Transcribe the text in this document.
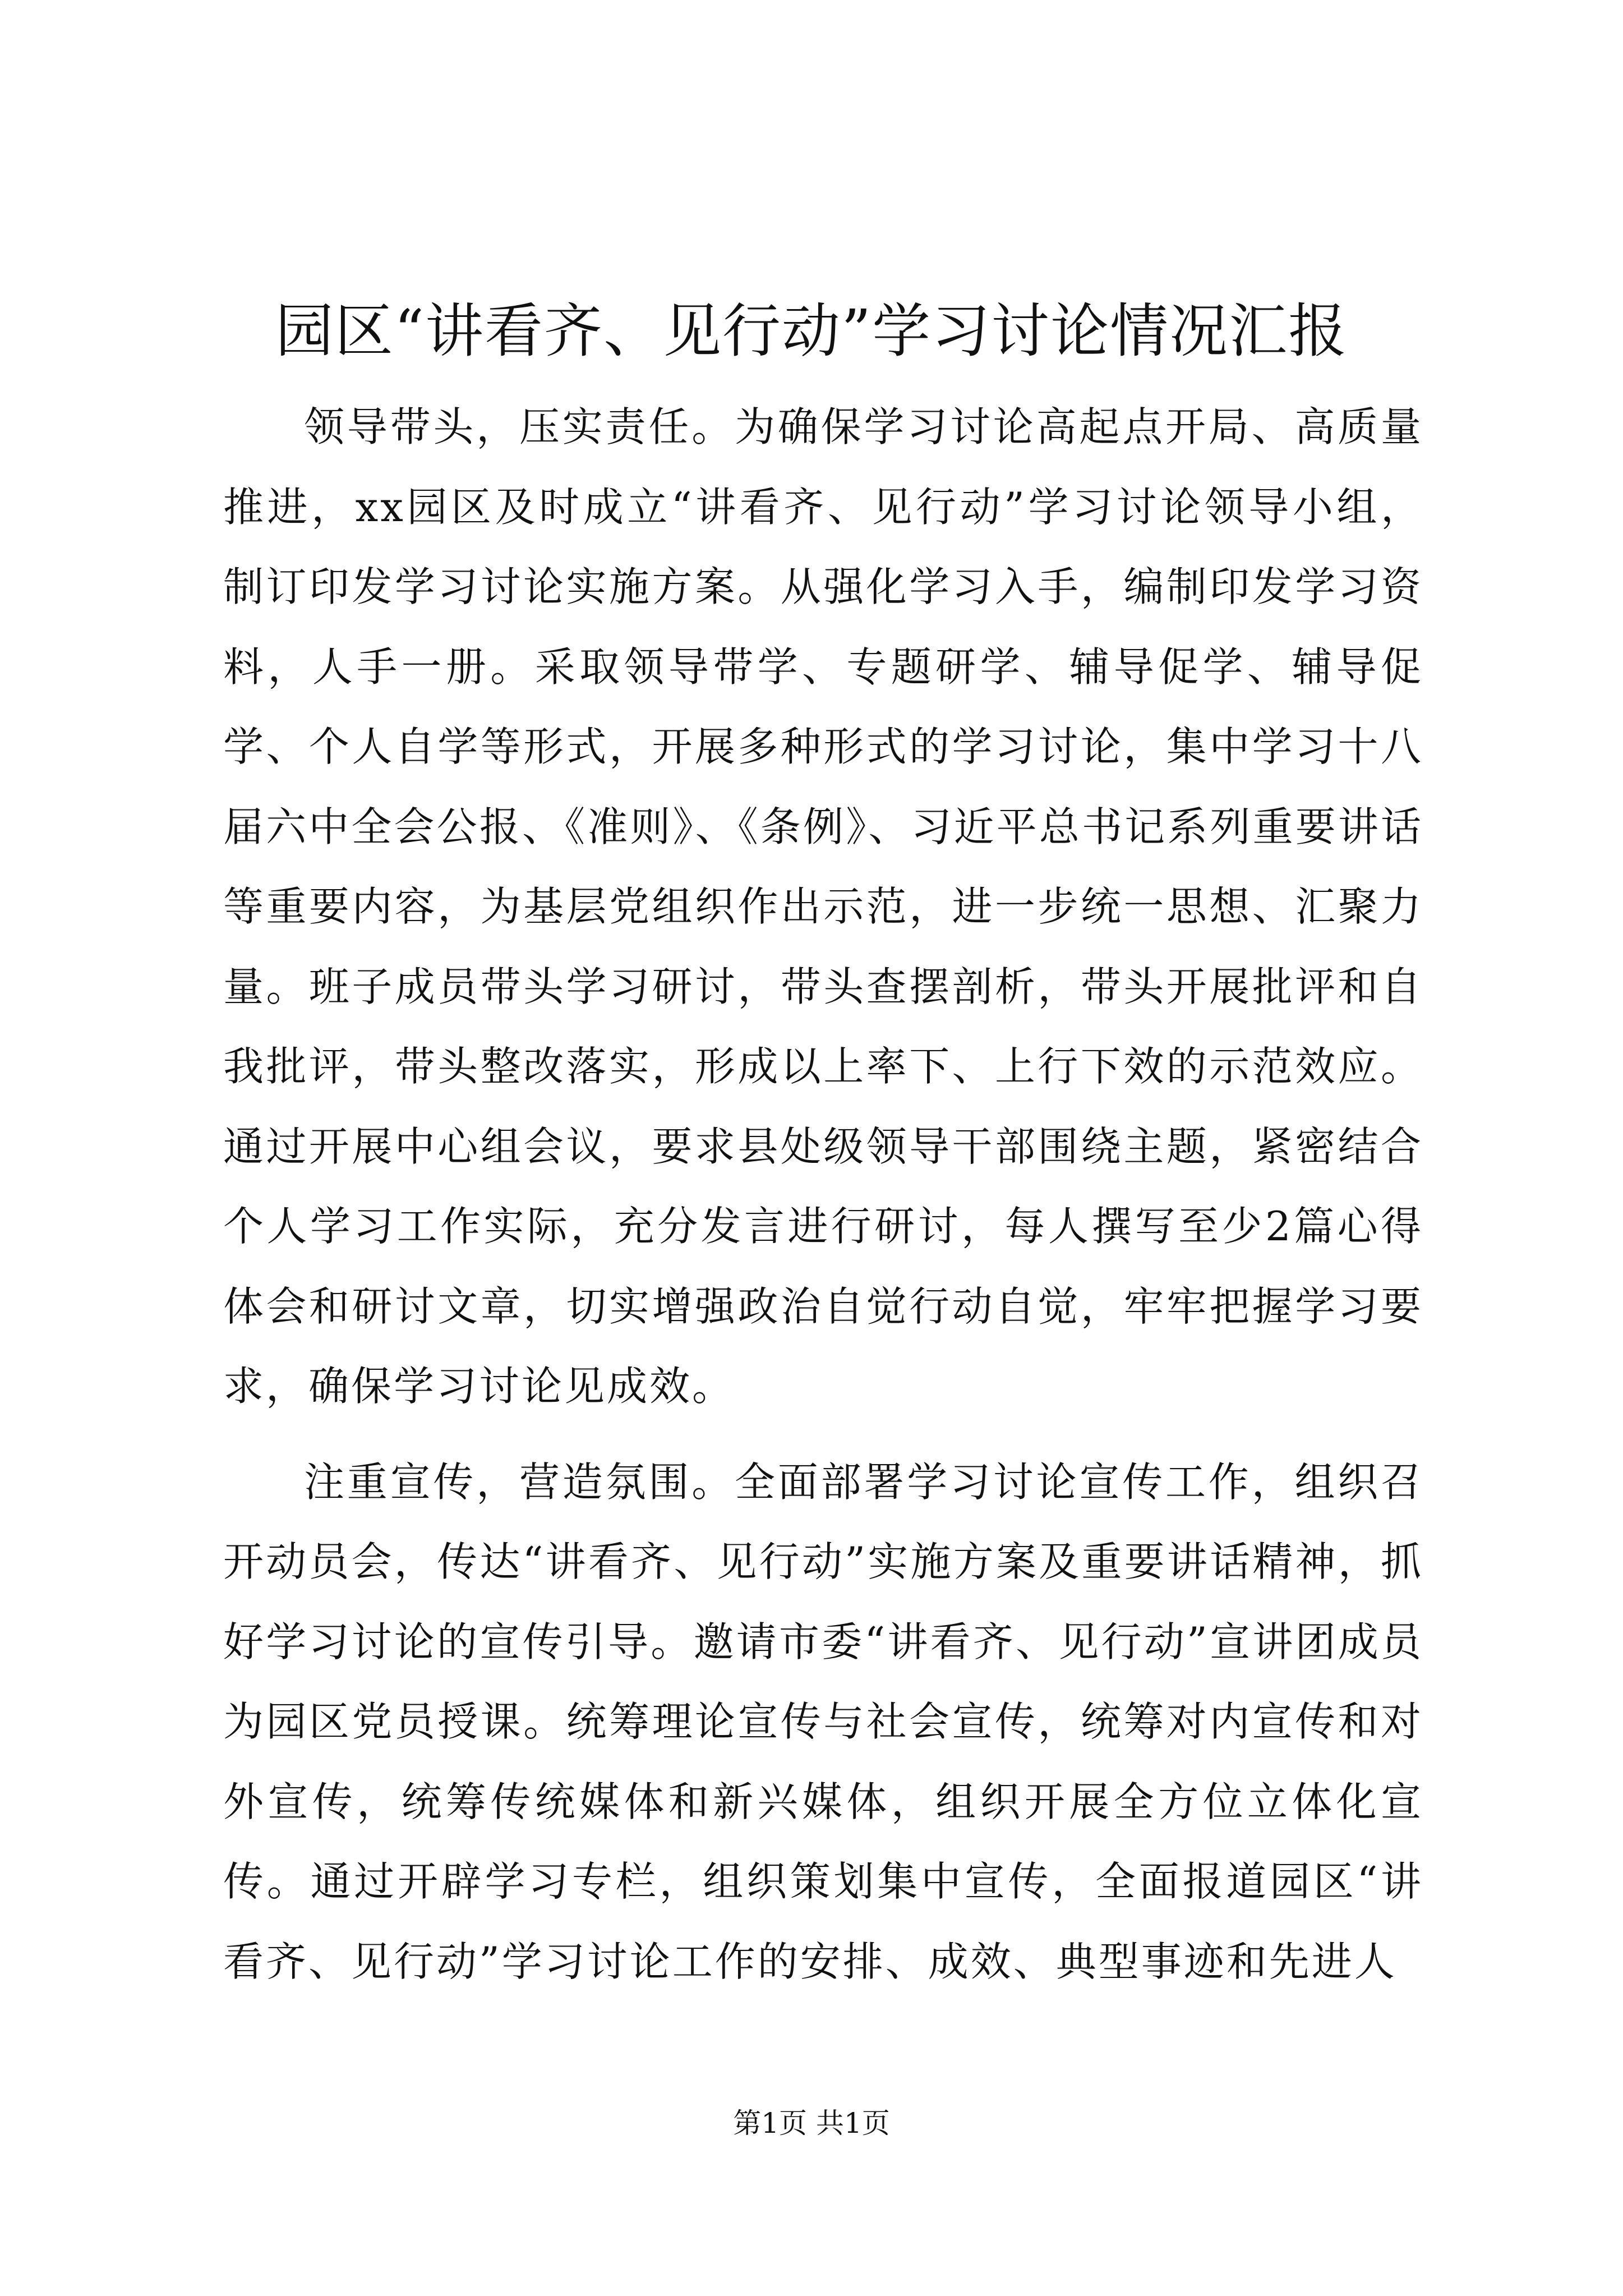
园区“讲看齐、见行动”学习讨论情况汇报

领导带头，压实责任。为确保学习讨论高起点开局、高质量推进，xx园区及时成立“讲看齐、见行动”学习讨论领导小组，制订印发学习讨论实施方案。从强化学习入手，编制印发学习资料，人手一册。采取领导带学、专题研学、辅导促学、辅导促学、个人自学等形式，开展多种形式的学习讨论，集中学习十八届六中全会公报、《准则》、《条例》、习近平总书记系列重要讲话等重要内容，为基层党组织作出示范，进一步统一思想、汇聚力量。班子成员带头学习研讨，带头查摆剖析，带头开展批评和自我批评，带头整改落实，形成以上率下、上行下效的示范效应。通过开展中心组会议，要求县处级领导干部围绕主题，紧密结合个人学习工作实际，充分发言进行研讨，每人撰写至少2篇心得体会和研讨文章，切实增强政治自觉行动自觉，牢牢把握学习要求，确保学习讨论见成效。

注重宣传，营造氛围。全面部署学习讨论宣传工作，组织召开动员会，传达“讲看齐、见行动”实施方案及重要讲话精神，抓好学习讨论的宣传引导。邀请市委“讲看齐、见行动”宣讲团成员为园区党员授课。统筹理论宣传与社会宣传，统筹对内宣传和对外宣传，统筹传统媒体和新兴媒体，组织开展全方位立体化宣传。通过开辟学习专栏，组织策划集中宣传，全面报道园区“讲看齐、见行动”学习讨论工作的安排、成效、典型事迹和先进人

第1页 共1页
